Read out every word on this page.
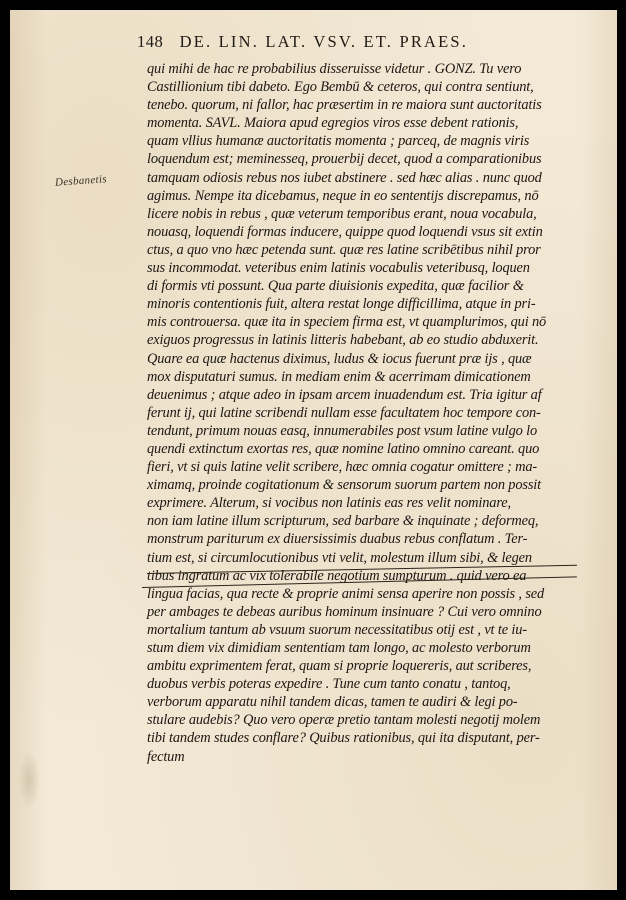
148 DE. LIN. LAT. VSV. ET. PRAES.
Desbanetis
qui mihi de hac re probabilius disseruisse videtur . GONZ. Tu vero
Castillionium tibi dabeto. Ego Bembū & ceteros, qui contra sentiunt,
tenebo. quorum, ni fallor, hac præsertim in re maiora sunt auctoritatis
momenta. SAVL. Maiora apud egregios viros esse debent rationis,
quam vllius humanæ auctoritatis momenta ; parceq, de magnis viris
loquendum est; meminesseq, prouerbij decet, quod a comparationibus
tamquam odiosis rebus nos iubet abstinere . sed hæc alias . nunc quod
agimus. Nempe ita dicebamus, neque in eo sententijs discrepamus, nō
licere nobis in rebus , quæ veterum temporibus erant, noua vocabula,
nouasq, loquendi formas inducere, quippe quod loquendi vsus sit extin
ctus, a quo vno hæc petenda sunt. quæ res latine scribētibus nihil pror
sus incommodat. veteribus enim latinis vocabulis veteribusq, loquen
di formis vti possunt. Qua parte diuisionis expedita, quæ facilior &
minoris contentionis fuit, altera restat longe difficillima, atque in pri-
mis controuersa. quæ ita in speciem firma est, vt quamplurimos, qui nō
exiguos progressus in latinis litteris habebant, ab eo studio abduxerit.
Quare ea quæ hactenus diximus, ludus & iocus fuerunt præ ijs , quæ
mox disputaturi sumus. in mediam enim & acerrimam dimicationem
deuenimus ; atque adeo in ipsam arcem inuadendum est. Tria igitur af
ferunt ij, qui latine scribendi nullam esse facultatem hoc tempore con-
tendunt, primum nouas easq, innumerabiles post vsum latine vulgo lo
quendi extinctum exortas res, quæ nomine latino omnino careant. quo
fieri, vt si quis latine velit scribere, hæc omnia cogatur omittere ; ma-
ximamq, proinde cogitationum & sensorum suorum partem non possit
exprimere. Alterum, si vocibus non latinis eas res velit nominare,
non iam latine illum scripturum, sed barbare & inquinate ; deformeq,
monstrum pariturum ex diuersissimis duabus rebus conflatum . Ter-
tium est, si circumlocutionibus vti velit, molestum illum sibi, & legen
tibus ingratum ac vix tolerabile negotium sumpturum . quid vero ea
lingua facias, qua recte & proprie animi sensa aperire non possis , sed
per ambages te debeas auribus hominum insinuare ? Cui vero omnino
mortalium tantum ab vsuum suorum necessitatibus otij est , vt te iu-
stum diem vix dimidiam sententiam tam longo, ac molesto verborum
ambitu exprimentem ferat, quam si proprie loquereris, aut scriberes,
duobus verbis poteras expedire . Tune cum tanto conatu , tantoq,
verborum apparatu nihil tandem dicas, tamen te audiri & legi po-
stulare audebis? Quo vero operæ pretio tantam molesti negotij molem
tibi tandem studes conflare? Quibus rationibus, qui ita disputant, per-
fectum
